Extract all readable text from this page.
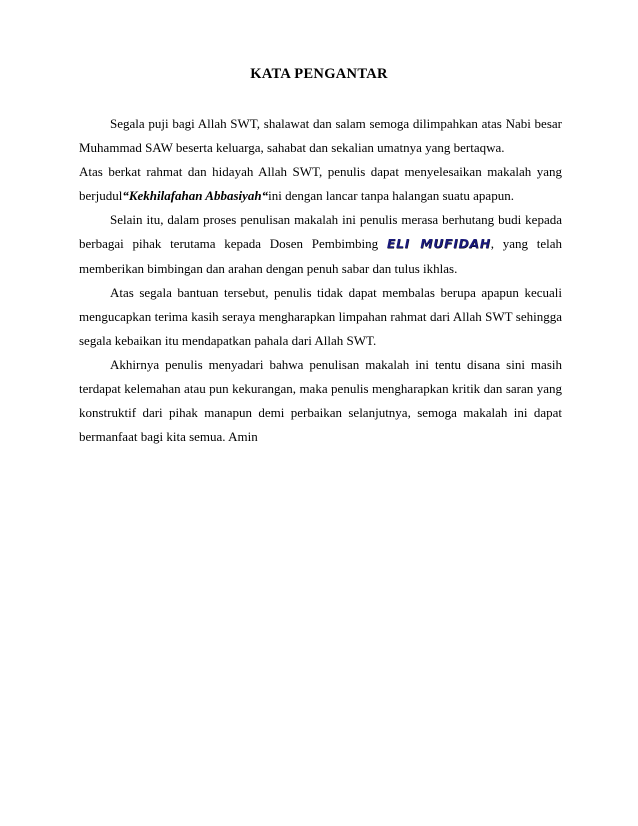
KATA PENGANTAR

Segala puji bagi Allah SWT, shalawat dan salam semoga dilimpahkan atas Nabi besar Muhammad SAW beserta keluarga, sahabat dan sekalian umatnya yang bertaqwa.

Atas berkat rahmat dan hidayah Allah SWT, penulis dapat menyelesaikan makalah yang berjudul“Kekhilafahan Abbasiyah“ini dengan lancar tanpa halangan suatu apapun.

Selain itu, dalam proses penulisan makalah ini penulis merasa berhutang budi kepada berbagai pihak terutama kepada Dosen Pembimbing ELI MUFIDAH, yang telah memberikan bimbingan dan arahan dengan penuh sabar dan tulus ikhlas.

Atas segala bantuan tersebut, penulis tidak dapat membalas berupa apapun kecuali mengucapkan terima kasih seraya mengharapkan limpahan rahmat dari Allah SWT sehingga segala kebaikan itu mendapatkan pahala dari Allah SWT.

Akhirnya penulis menyadari bahwa penulisan makalah ini tentu disana sini masih terdapat kelemahan atau pun kekurangan, maka penulis mengharapkan kritik dan saran yang konstruktif dari pihak manapun demi perbaikan selanjutnya, semoga makalah ini dapat bermanfaat bagi kita semua. Amin
